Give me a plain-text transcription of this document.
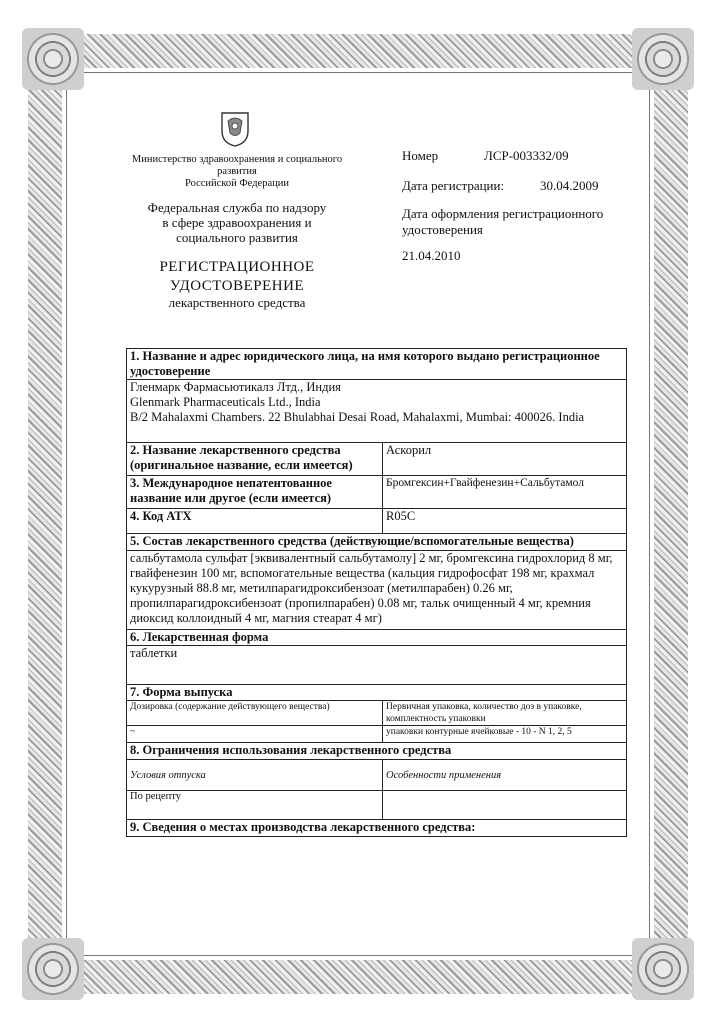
Министерство здравоохранения и социального
развития
Российской Федерации
Федеральная служба по надзору
в сфере здравоохранения и
социального развития
РЕГИСТРАЦИОННОЕ
УДОСТОВЕРЕНИЕ
лекарственного средства
Номер	ЛСР-003332/09
Дата регистрации:	30.04.2009
Дата оформления регистрационного удостоверения
21.04.2010
1. Название и адрес юридического лица, на имя которого выдано регистрационное удостоверение	

Гленмарк Фармасьютикалз Лтд., Индия
Glenmark Pharmaceuticals Ltd., India
B/2 Mahalaxmi Chambers. 22 Bhulabhai Desai Road, Mahalaxmi, Mumbai: 400026. India	

2. Название лекарственного средства (оригинальное название, если имеется)	Аскорил
3. Международное непатентованное название или другое (если имеется)	Бромгексин+Гвайфенезин+Сальбутамол
4. Код АТХ	R05C
5. Состав лекарственного средства (действующие/вспомогательные вещества)	
сальбутамола сульфат [эквивалентный сальбутамолу] 2 мг, бромгексина гидрохлорид 8 мг, гвайфенезин 100 мг, вспомогательные вещества (кальция гидрофосфат 198 мг, крахмал кукурузный 88.8 мг, метилпарагидроксибензоат (метилпарабен) 0.26 мг, пропилпарагидроксибензоат (пропилпарабен) 0.08 мг, тальк очищенный 4 мг, кремния диоксид коллоидный 4 мг, магния стеарат 4 мг)	
6. Лекарственная форма	
таблетки	
7. Форма выпуска	
Дозировка (содержание действующего вещества)	Первичная упаковка, количество доз в упаковке, комплектность упаковки
~	упаковки контурные ячейковые - 10 - N 1, 2, 5
8. Ограничения использования лекарственного средства	
Условия отпуска	Особенности применения
По рецепту	
9. Сведения о местах производства лекарственного средства:	
